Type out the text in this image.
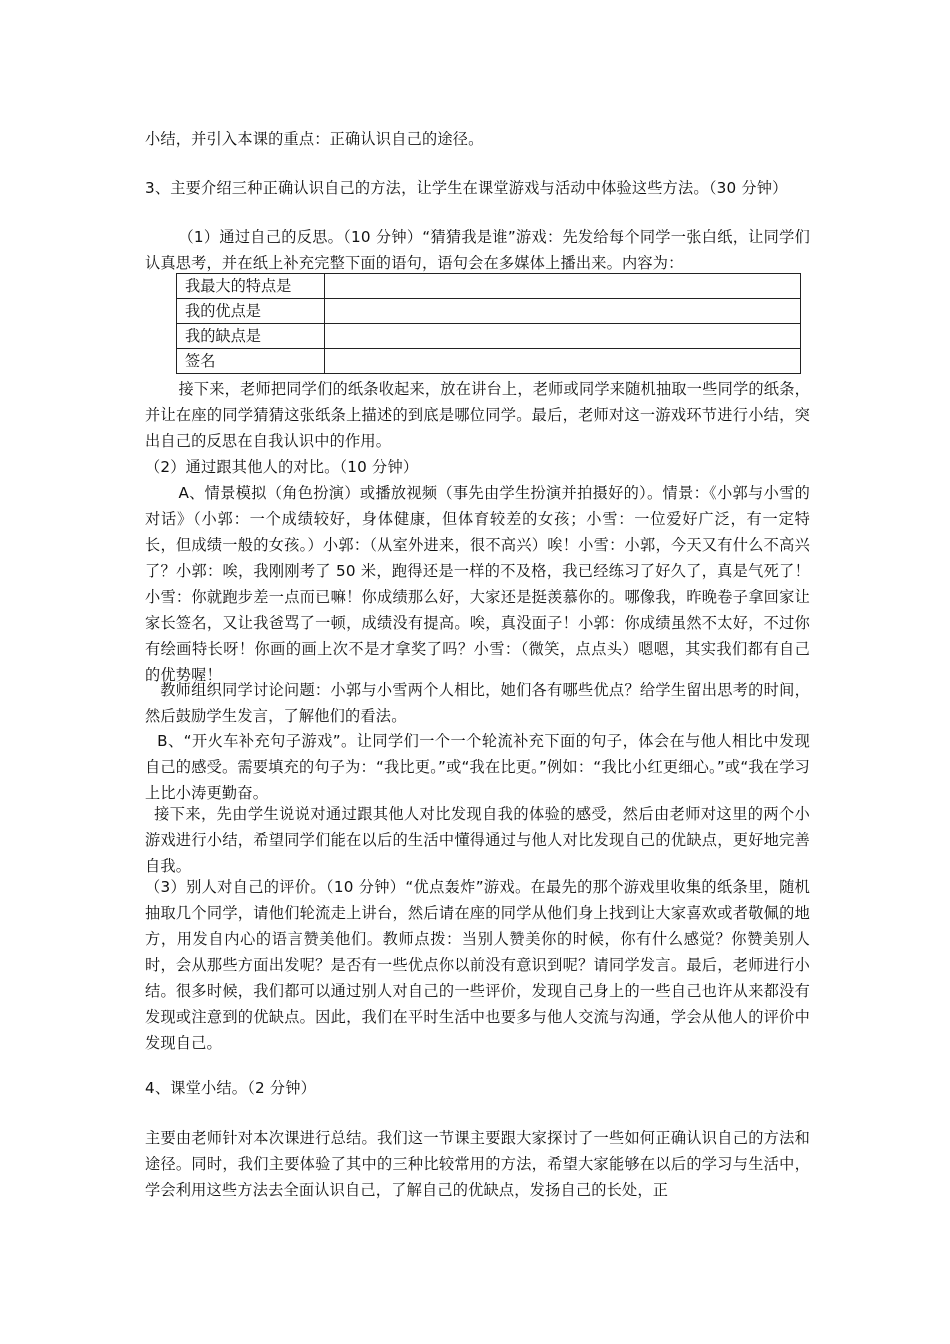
小结，并引入本课的重点：正确认识自己的途径。

3、主要介绍三种正确认识自己的方法，让学生在课堂游戏与活动中体验这些方法。（30 分钟）

（1）通过自己的反思。（10 分钟）“猜猜我是谁”游戏：先发给每个同学一张白纸，让同学们认真思考，并在纸上补充完整下面的语句，语句会在多媒体上播出来。内容为：

我最大的特点是	
我的优点是	
我的缺点是	
签名	

接下来，老师把同学们的纸条收起来，放在讲台上，老师或同学来随机抽取一些同学的纸条，并让在座的同学猜猜这张纸条上描述的到底是哪位同学。最后，老师对这一游戏环节进行小结，突出自己的反思在自我认识中的作用。

（2）通过跟其他人的对比。（10 分钟）

A、情景模拟（角色扮演）或播放视频（事先由学生扮演并拍摄好的）。情景：《小郭与小雪的对话》（小郭：一个成绩较好，身体健康，但体育较差的女孩；小雪：一位爱好广泛，有一定特长，但成绩一般的女孩。）小郭：（从室外进来，很不高兴）唉！小雪：小郭，今天又有什么不高兴了？小郭：唉，我刚刚考了 50 米，跑得还是一样的不及格，我已经练习了好久了，真是气死了！小雪：你就跑步差一点而已嘛！你成绩那么好，大家还是挺羡慕你的。哪像我，昨晚卷子拿回家让家长签名，又让我爸骂了一顿，成绩没有提高。唉，真没面子！小郭：你成绩虽然不太好，不过你有绘画特长呀！你画的画上次不是才拿奖了吗？小雪：（微笑，点点头）嗯嗯，其实我们都有自己的优势喔！

教师组织同学讨论问题：小郭与小雪两个人相比，她们各有哪些优点？给学生留出思考的时间，然后鼓励学生发言，了解他们的看法。

B、“开火车补充句子游戏”。让同学们一个一个轮流补充下面的句子，体会在与他人相比中发现自己的感受。需要填充的句子为：“我比更。”或“我在比更。”例如：“我比小红更细心。”或“我在学习上比小涛更勤奋。

接下来，先由学生说说对通过跟其他人对比发现自我的体验的感受，然后由老师对这里的两个小游戏进行小结，希望同学们能在以后的生活中懂得通过与他人对比发现自己的优缺点，更好地完善自我。

（3）别人对自己的评价。（10 分钟）“优点轰炸”游戏。在最先的那个游戏里收集的纸条里，随机抽取几个同学，请他们轮流走上讲台，然后请在座的同学从他们身上找到让大家喜欢或者敬佩的地方，用发自内心的语言赞美他们。教师点拨：当别人赞美你的时候，你有什么感觉？你赞美别人时，会从那些方面出发呢？是否有一些优点你以前没有意识到呢？请同学发言。最后，老师进行小结。很多时候，我们都可以通过别人对自己的一些评价，发现自己身上的一些自己也许从来都没有发现或注意到的优缺点。因此，我们在平时生活中也要多与他人交流与沟通，学会从他人的评价中发现自己。

4、课堂小结。（2 分钟）

主要由老师针对本次课进行总结。我们这一节课主要跟大家探讨了一些如何正确认识自己的方法和途径。同时，我们主要体验了其中的三种比较常用的方法，希望大家能够在以后的学习与生活中，学会利用这些方法去全面认识自己，了解自己的优缺点，发扬自己的长处，正
